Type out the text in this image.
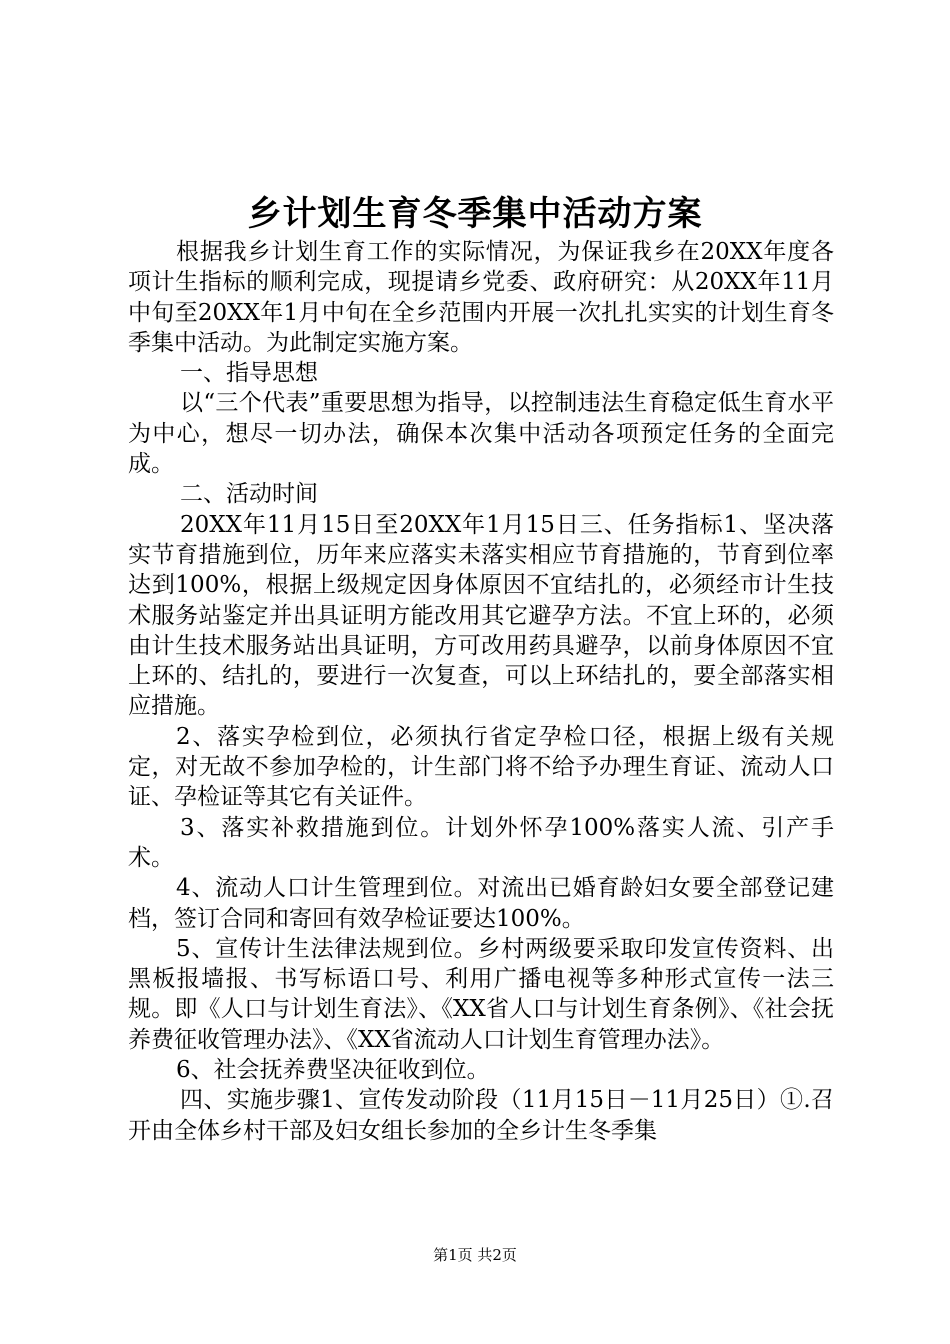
乡计划生育冬季集中活动方案

根据我乡计划生育工作的实际情况，为保证我乡在20XX年度各项计生指标的顺利完成，现提请乡党委、政府研究：从20XX年11月中旬至20XX年1月中旬在全乡范围内开展一次扎扎实实的计划生育冬季集中活动。为此制定实施方案。

一、指导思想

以“三个代表”重要思想为指导，以控制违法生育稳定低生育水平为中心，想尽一切办法，确保本次集中活动各项预定任务的全面完成。

二、活动时间

20XX年11月15日至20XX年1月15日三、任务指标1、坚决落实节育措施到位，历年来应落实未落实相应节育措施的，节育到位率达到100%，根据上级规定因身体原因不宜结扎的，必须经市计生技术服务站鉴定并出具证明方能改用其它避孕方法。不宜上环的，必须由计生技术服务站出具证明，方可改用药具避孕，以前身体原因不宜上环的、结扎的，要进行一次复查，可以上环结扎的，要全部落实相应措施。

2、落实孕检到位，必须执行省定孕检口径，根据上级有关规定，对无故不参加孕检的，计生部门将不给予办理生育证、流动人口证、孕检证等其它有关证件。

3、落实补救措施到位。计划外怀孕100%落实人流、引产手术。

4、流动人口计生管理到位。对流出已婚育龄妇女要全部登记建档，签订合同和寄回有效孕检证要达100%。

5、宣传计生法律法规到位。乡村两级要采取印发宣传资料、出黑板报墙报、书写标语口号、利用广播电视等多种形式宣传一法三规。即《人口与计划生育法》、《XX省人口与计划生育条例》、《社会抚养费征收管理办法》、《XX省流动人口计划生育管理办法》。

6、社会抚养费坚决征收到位。

四、实施步骤1、宣传发动阶段（11月15日－11月25日）①.召开由全体乡村干部及妇女组长参加的全乡计生冬季集

第1页 共2页
